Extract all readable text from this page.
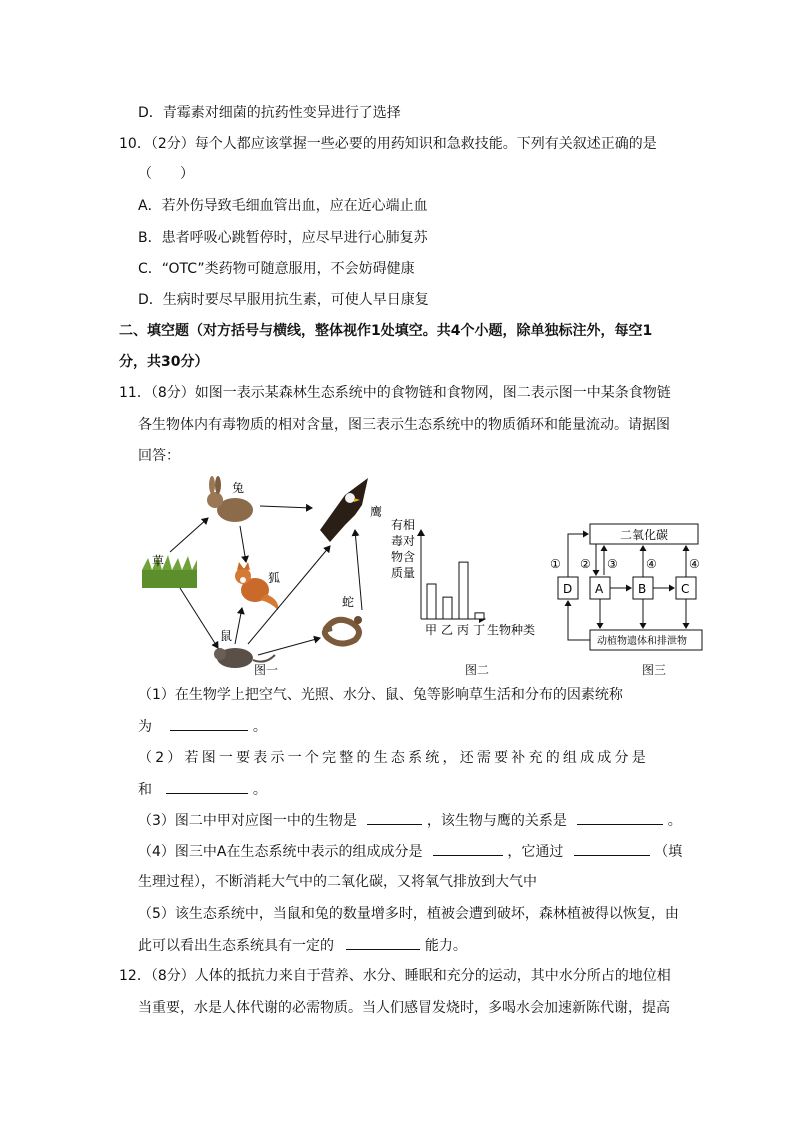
D．青霉素对细菌的抗药性变异进行了选择
10．（2分）每个人都应该掌握一些必要的用药知识和急救技能。下列有关叙述正确的是
（　　）
A．若外伤导致毛细血管出血，应在近心端止血
B．患者呼吸心跳暂停时，应尽早进行心肺复苏
C．“OTC”类药物可随意服用，不会妨碍健康
D．生病时要尽早服用抗生素，可使人早日康复
二、填空题（对方括号与横线，整体视作1处填空。共4个小题，除单独标注外，每空1
分，共30分）
11．（8分）如图一表示某森林生态系统中的食物链和食物网，图二表示图一中某条食物链
各生物体内有毒物质的相对含量，图三表示生态系统中的物质循环和能量流动。请据图
回答：
兔
鹰
草
狐
蛇
鼠
图一
有相
毒对
物含
质量
甲 乙 丙 丁 生物种类
图二
二氧化碳
D A	B	C
动植物遗体和排泄物
① ② ③ ④	④
图三
（1）在生物学上把空气、光照、水分、鼠、兔等影响草生活和分布的因素统称
为	。
（2）若图一要表示一个完整的生态系统，还需要补充的组成成分是
和	。
（3）图二中甲对应图一中的生物是	，该生物与鹰的关系是	。
（4）图三中A在生态系统中表示的组成成分是	，它通过	（填
生理过程），不断消耗大气中的二氧化碳，又将氧气排放到大气中
（5）该生态系统中，当鼠和兔的数量增多时，植被会遭到破坏，森林植被得以恢复，由
此可以看出生态系统具有一定的	能力。
12．（8分）人体的抵抗力来自于营养、水分、睡眠和充分的运动，其中水分所占的地位相
当重要，水是人体代谢的必需物质。当人们感冒发烧时，多喝水会加速新陈代谢，提高
